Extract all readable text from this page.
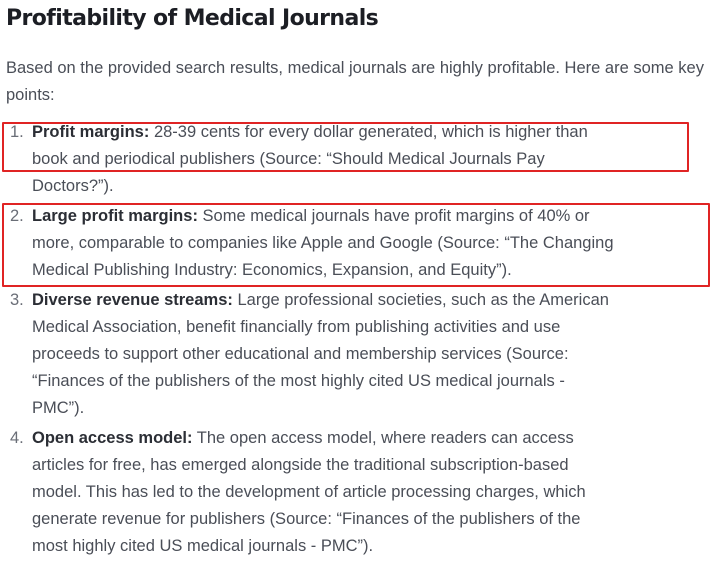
Profitability of Medical Journals

Based on the provided search results, medical journals are highly profitable. Here are some key points:

1. Profit margins: 28-39 cents for every dollar generated, which is higher than
book and periodical publishers (Source: “Should Medical Journals Pay
Doctors?”).
2. Large profit margins: Some medical journals have profit margins of 40% or
more, comparable to companies like Apple and Google (Source: “The Changing
Medical Publishing Industry: Economics, Expansion, and Equity”).
3. Diverse revenue streams: Large professional societies, such as the American
Medical Association, benefit financially from publishing activities and use
proceeds to support other educational and membership services (Source:
“Finances of the publishers of the most highly cited US medical journals -
PMC”).
4. Open access model: The open access model, where readers can access
articles for free, has emerged alongside the traditional subscription-based
model. This has led to the development of article processing charges, which
generate revenue for publishers (Source: “Finances of the publishers of the
most highly cited US medical journals - PMC”).
